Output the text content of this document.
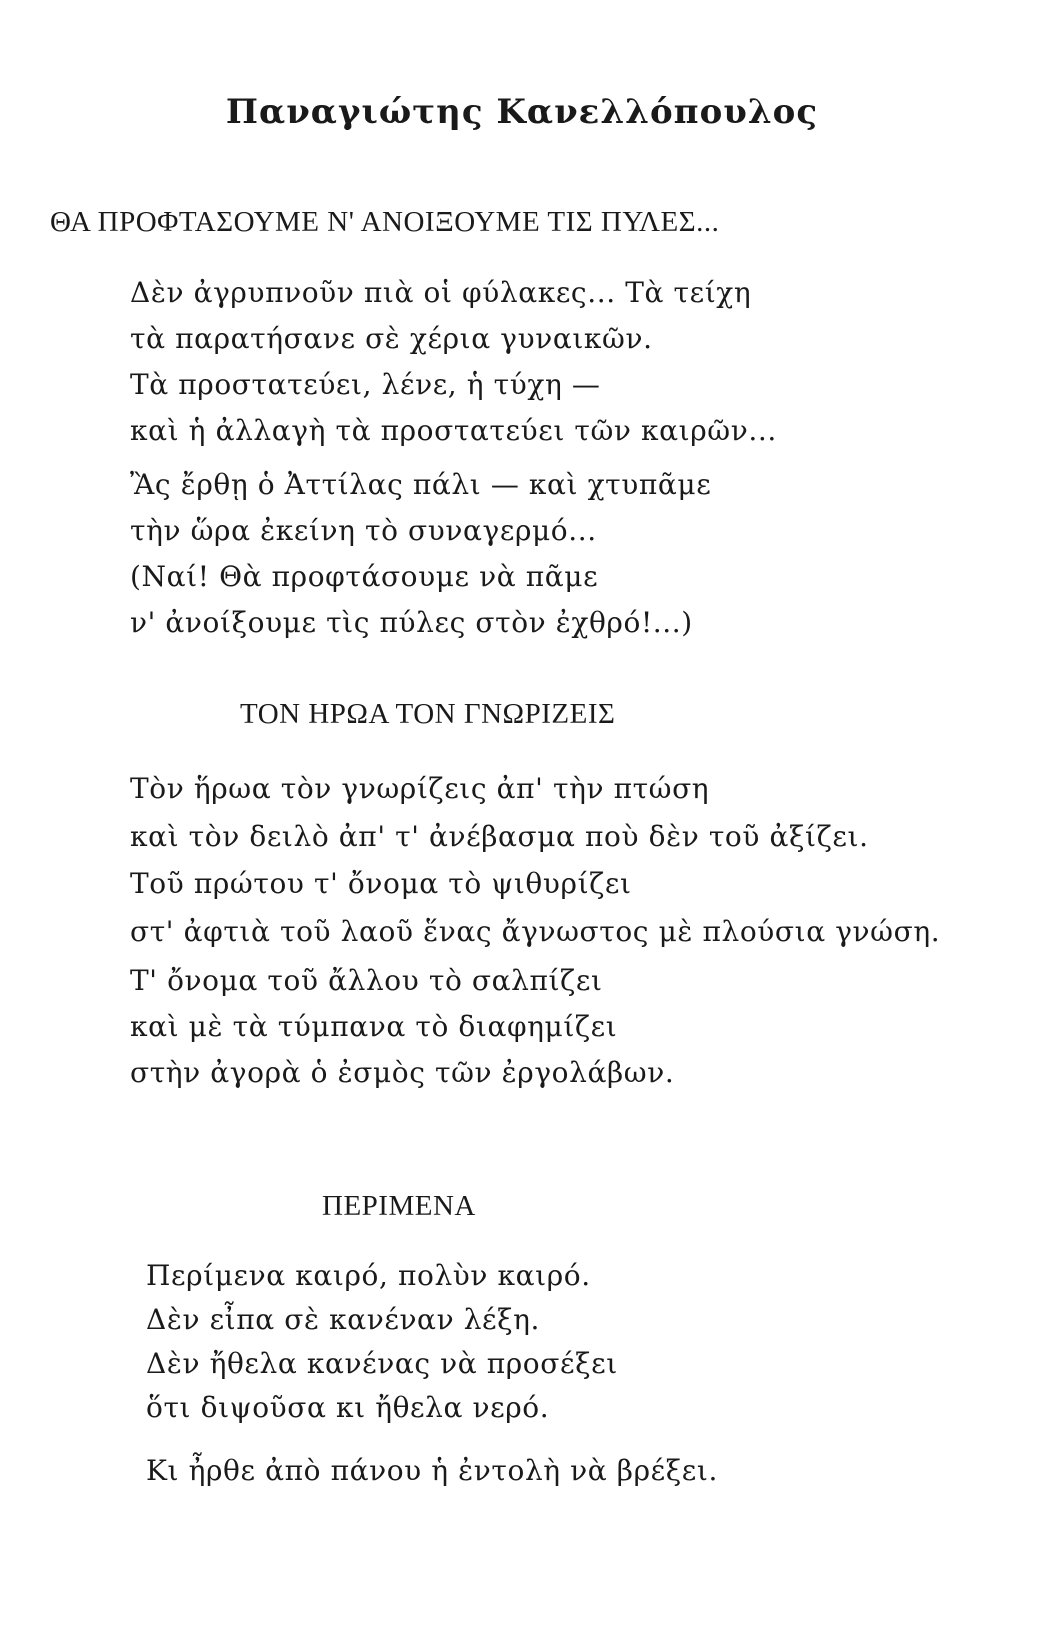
Παναγιώτης Κανελλόπουλος
ΘΑ ΠΡΟΦΤΑΣΟΥΜΕ Ν' ΑΝΟΙΞΟΥΜΕ ΤΙΣ ΠΥΛΕΣ...
Δὲν ἀγρυπνοῦν πιὰ οἱ φύλακες... Τὰ τείχη
τὰ παρατήσανε σὲ χέρια γυναικῶν.
Τὰ προστατεύει, λένε, ἡ τύχη —
καὶ ἡ ἀλλαγὴ τὰ προστατεύει τῶν καιρῶν...
Ἂς ἔρθῃ ὁ Ἀττίλας πάλι — καὶ χτυπᾶμε
τὴν ὥρα ἐκείνη τὸ συναγερμό...
(Ναί! Θὰ προφτάσουμε νὰ πᾶμε
ν' ἀνοίξουμε τὶς πύλες στὸν ἐχθρό!...)
ΤΟΝ ΗΡΩΑ ΤΟΝ ΓΝΩΡΙΖΕΙΣ
Τὸν ἥρωα τὸν γνωρίζεις ἀπ' τὴν πτώση
καὶ τὸν δειλὸ ἀπ' τ' ἀνέβασμα ποὺ δὲν τοῦ ἀξίζει.
Τοῦ πρώτου τ' ὄνομα τὸ ψιθυρίζει
στ' ἀφτιὰ τοῦ λαοῦ ἕνας ἄγνωστος μὲ πλούσια γνώση.
Τ' ὄνομα τοῦ ἄλλου τὸ σαλπίζει
καὶ μὲ τὰ τύμπανα τὸ διαφημίζει
στὴν ἀγορὰ ὁ ἐσμὸς τῶν ἐργολάβων.
ΠΕΡΙΜΕΝΑ
Περίμενα καιρό, πολὺν καιρό.
Δὲν εἶπα σὲ κανέναν λέξη.
Δὲν ἤθελα κανένας νὰ προσέξει
ὅτι διψοῦσα κι ἤθελα νερό.
Κι ἦρθε ἀπὸ πάνου ἡ ἐντολὴ νὰ βρέξει.
